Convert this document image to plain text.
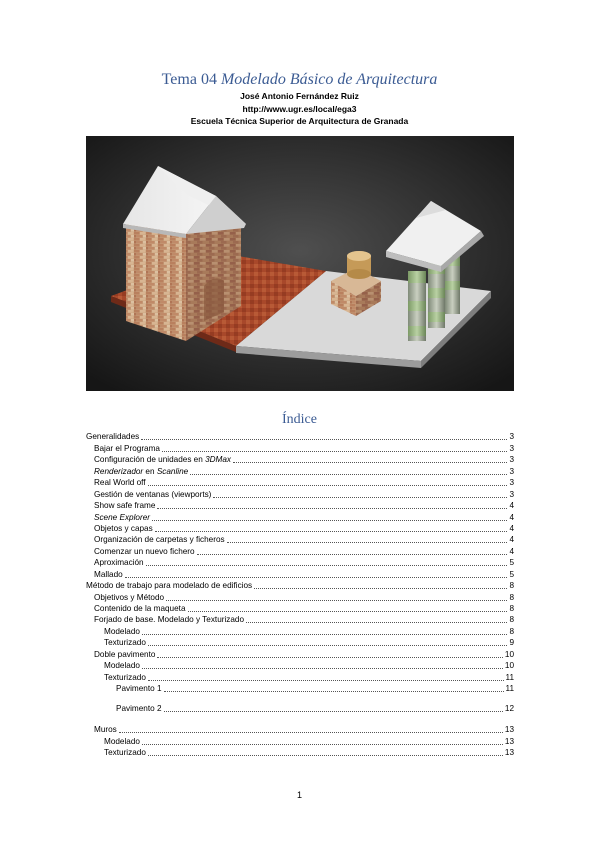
Tema 04 Modelado Básico de Arquitectura
José Antonio Fernández Ruiz
http://www.ugr.es/local/ega3
Escuela Técnica Superior de Arquitectura de Granada
Índice
Generalidades	3
Bajar el Programa	3
Configuración de unidades en 3DMax	3
Renderizador en Scanline	3
Real World off	3
Gestión de ventanas (viewports)	3
Show safe frame	4
Scene Explorer	4
Objetos y capas	4
Organización de carpetas y ficheros	4
Comenzar un nuevo fichero	4
Aproximación	5
Mallado	5
Método de trabajo para modelado de edificios	8
Objetivos y Método	8
Contenido de la maqueta	8
Forjado de base. Modelado y Texturizado	8
Modelado	8
Texturizado	9
Doble pavimento	10
Modelado	10
Texturizado	11
Pavimento 1	11
Pavimento 2	12
Muros	13
Modelado	13
Texturizado	13
1
